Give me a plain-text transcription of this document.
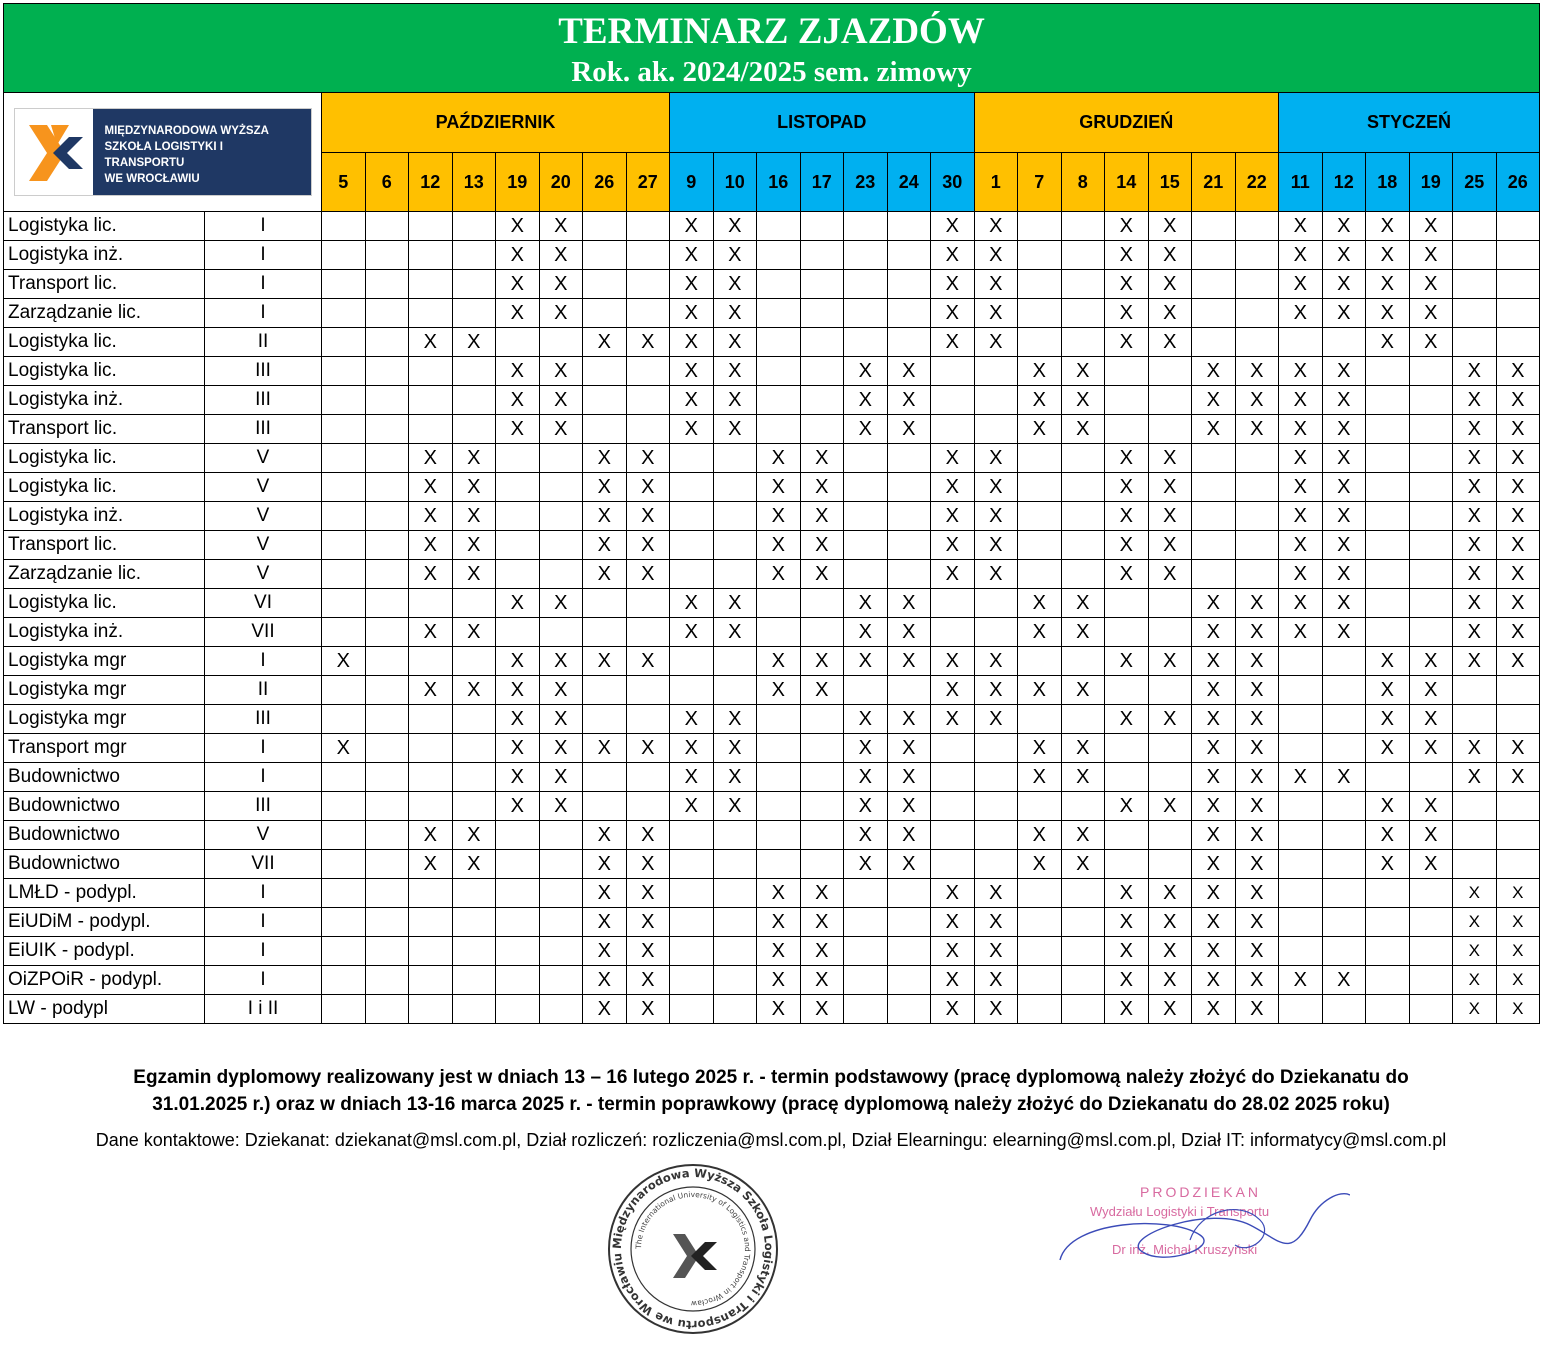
TERMINARZ ZJAZDÓW
Rok. ak. 2024/2025 sem. zimowy																													

MIĘDZYNARODOWA WYŻSZA
SZKOŁA LOGISTYKI I TRANSPORTU
WE WROCŁAWIU		PAŹDZIERNIK								LISTOPAD							GRUDZIEŃ							STYCZEŃ					
		5	6	12	13	19	20	26	27	9	10	16	17	23	24	30	1	7	8	14	15	21	22	11	12	18	19	25	26
Logistyka lic.	I					X	X			X	X					X	X			X	X			X	X	X	X		
Logistyka inż.	I					X	X			X	X					X	X			X	X			X	X	X	X		
Transport lic.	I					X	X			X	X					X	X			X	X			X	X	X	X		
Zarządzanie lic.	I					X	X			X	X					X	X			X	X			X	X	X	X		
Logistyka lic.	II			X	X			X	X	X	X					X	X			X	X					X	X		
Logistyka lic.	III					X	X			X	X			X	X			X	X			X	X	X	X			X	X
Logistyka inż.	III					X	X			X	X			X	X			X	X			X	X	X	X			X	X
Transport lic.	III					X	X			X	X			X	X			X	X			X	X	X	X			X	X
Logistyka lic.	V			X	X			X	X			X	X			X	X			X	X			X	X			X	X
Logistyka lic.	V			X	X			X	X			X	X			X	X			X	X			X	X			X	X
Logistyka inż.	V			X	X			X	X			X	X			X	X			X	X			X	X			X	X
Transport lic.	V			X	X			X	X			X	X			X	X			X	X			X	X			X	X
Zarządzanie lic.	V			X	X			X	X			X	X			X	X			X	X			X	X			X	X
Logistyka lic.	VI					X	X			X	X			X	X			X	X			X	X	X	X			X	X
Logistyka inż.	VII			X	X					X	X			X	X			X	X			X	X	X	X			X	X
Logistyka mgr	I	X				X	X	X	X			X	X	X	X	X	X			X	X	X	X			X	X	X	X
Logistyka mgr	II			X	X	X	X					X	X			X	X	X	X			X	X			X	X		
Logistyka mgr	III					X	X			X	X			X	X	X	X			X	X	X	X			X	X		
Transport mgr	I	X				X	X	X	X	X	X			X	X			X	X			X	X			X	X	X	X
Budownictwo	I					X	X			X	X			X	X			X	X			X	X	X	X			X	X
Budownictwo	III					X	X			X	X			X	X					X	X	X	X			X	X		
Budownictwo	V			X	X			X	X					X	X			X	X			X	X			X	X		
Budownictwo	VII			X	X			X	X					X	X			X	X			X	X			X	X		
LMŁD - podypl.	I							X	X			X	X			X	X			X	X	X	X					X	X
EiUDiM - podypl.	I							X	X			X	X			X	X			X	X	X	X					X	X
EiUIK - podypl.	I							X	X			X	X			X	X			X	X	X	X					X	X
OiZPOiR - podypl.	I							X	X			X	X			X	X			X	X	X	X	X	X			X	X
LW - podypl	I i II							X	X			X	X			X	X			X	X	X	X					X	X
Egzamin dyplomowy realizowany jest w dniach 13 – 16 lutego 2025 r. - termin podstawowy (pracę dyplomową należy złożyć do Dziekanatu do
31.01.2025 r.) oraz w dniach 13-16 marca 2025 r. - termin poprawkowy (pracę dyplomową należy złożyć do Dziekanatu do 28.02 2025 roku)
Dane kontaktowe: Dziekanat: dziekanat@msl.com.pl, Dział rozliczeń: rozliczenia@msl.com.pl, Dział Elearningu: elearning@msl.com.pl, Dział IT: informatycy@msl.com.pl
Międzynarodowa Wyższa Szkoła Logistyki i Transportu we Wrocławiu
The International University of Logistics and Transport in Wrocław
PRODZIEKAN
Wydziału Logistyki i Transportu
Dr inż. Michał Kruszyński
